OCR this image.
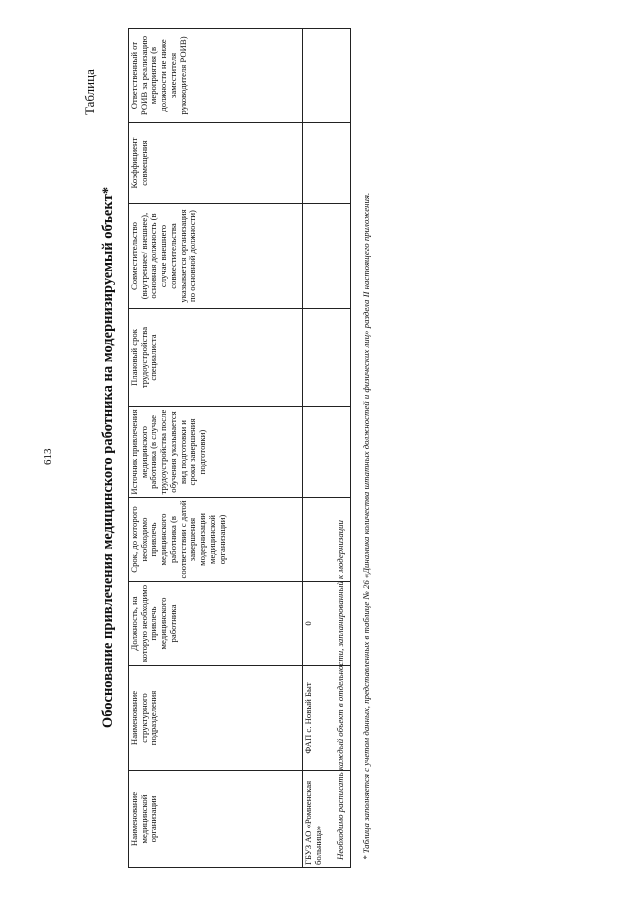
613
Таблица
Обоснование привлечения медицинского работника на модернизируемый объект*
Наименование медицинской организации	Наименование структурного подразделения	Должность, на которую необходимо привлечь медицинского работника	Срок, до которого необходимо привлечь медицинского работника (в соответствии с датой завершения модернизации медицинской организации)	Источник привлечения медицинского работника (в случае трудоустройства после обучения указывается вид подготовки и сроки завершения подготовки)	Плановый срок трудоустройства специалиста	Совместительство (внутреннее/ внешнее), основная должность (в случае внешнего совместительства указывается организация по основной должности)	Коэффициент совмещения	Ответственный от РОИВ за реализацию мероприятия (в должности не ниже заместителя руководителя РОИВ)
ГБУЗ АО «Ромненская больница»	ФАП с. Новый Быт	0							Необходимо расписать каждый объект в отдельности, запланированный к модернизации * Таблица заполняется с учетом данных, представленных в таблице № 26 «Динамика количества штатных должностей и физических лиц» раздела II настоящего приложения.
